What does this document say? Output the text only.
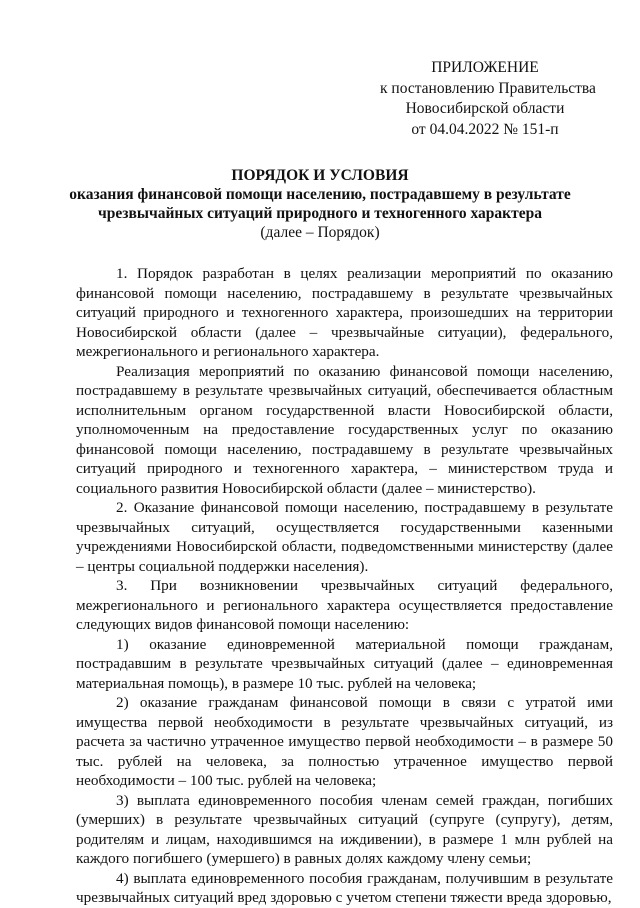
ПРИЛОЖЕНИЕ
к постановлению Правительства
Новосибирской области
от 04.04.2022 № 151-п
ПОРЯДОК И УСЛОВИЯ
оказания финансовой помощи населению, пострадавшему в результате чрезвычайных ситуаций природного и техногенного характера
(далее – Порядок)

1. Порядок разработан в целях реализации мероприятий по оказанию финансовой помощи населению, пострадавшему в результате чрезвычайных ситуаций природного и техногенного характера, произошедших на территории Новосибирской области (далее – чрезвычайные ситуации), федерального, межрегионального и регионального характера.

Реализация мероприятий по оказанию финансовой помощи населению, пострадавшему в результате чрезвычайных ситуаций, обеспечивается областным исполнительным органом государственной власти Новосибирской области, уполномоченным на предоставление государственных услуг по оказанию финансовой помощи населению, пострадавшему в результате чрезвычайных ситуаций природного и техногенного характера, – министерством труда и социального развития Новосибирской области (далее – министерство).

2. Оказание финансовой помощи населению, пострадавшему в результате чрезвычайных ситуаций, осуществляется государственными казенными учреждениями Новосибирской области, подведомственными министерству (далее – центры социальной поддержки населения).

3. При возникновении чрезвычайных ситуаций федерального, межрегионального и регионального характера осуществляется предоставление следующих видов финансовой помощи населению:

1) оказание единовременной материальной помощи гражданам, пострадавшим в результате чрезвычайных ситуаций (далее – единовременная материальная помощь), в размере 10 тыс. рублей на человека;

2) оказание гражданам финансовой помощи в связи с утратой ими имущества первой необходимости в результате чрезвычайных ситуаций, из расчета за частично утраченное имущество первой необходимости – в размере 50 тыс. рублей на человека, за полностью утраченное имущество первой необходимости – 100 тыс. рублей на человека;

3) выплата единовременного пособия членам семей граждан, погибших (умерших) в результате чрезвычайных ситуаций (супруге (супругу), детям, родителям и лицам, находившимся на иждивении), в размере 1 млн рублей на каждого погибшего (умершего) в равных долях каждому члену семьи;

4) выплата единовременного пособия гражданам, получившим в результате чрезвычайных ситуаций вред здоровью с учетом степени тяжести вреда здоровью,
